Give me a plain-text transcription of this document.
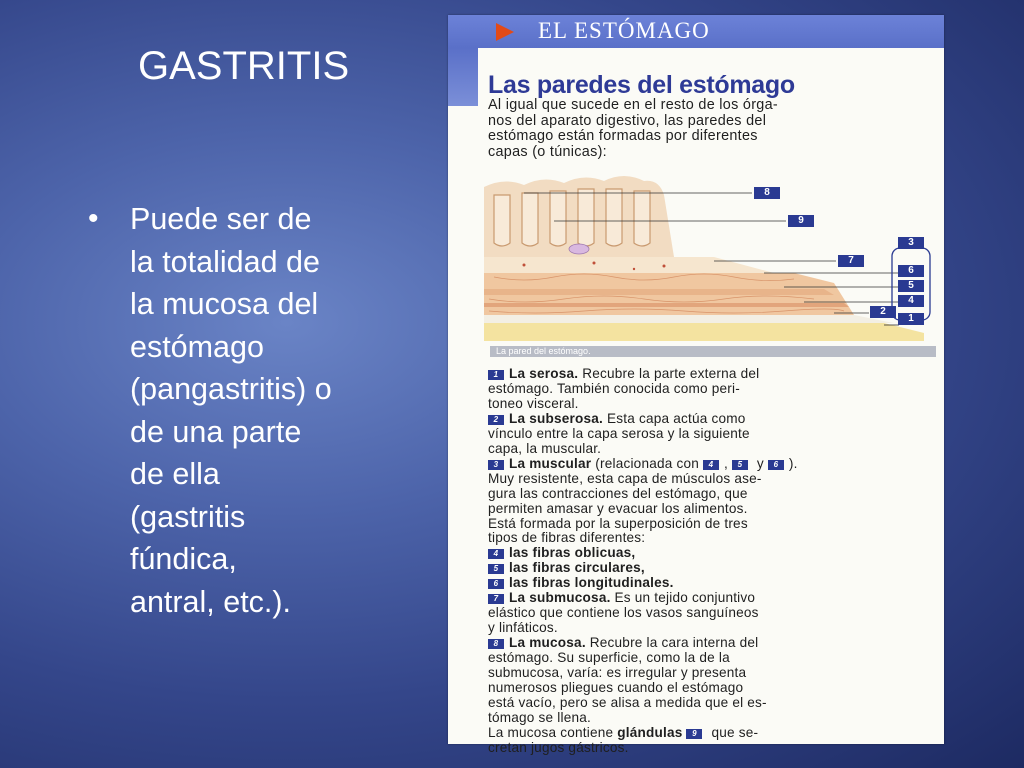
GASTRITIS
• Puede ser de
la totalidad de
la mucosa del
estómago
(pangastritis) o
de una parte
de ella
(gastritis
fúndica,
antral, etc.).
EL ESTÓMAGO
Las paredes del estómago
Al igual que sucede en el resto de los órga-
nos del aparato digestivo, las paredes del
estómago están formadas por diferentes
capas (o túnicas):
8
9
7
3
6
5
4
2
1
La pared del estómago.
1 La serosa. Recubre la parte externa del
estómago. También conocida como peri-
toneo visceral.
2 La subserosa. Esta capa actúa como
vínculo entre la capa serosa y la siguiente
capa, la muscular.
3 La muscular (relacionada con 4 , 5 y 6 ).
Muy resistente, esta capa de músculos ase-
gura las contracciones del estómago, que
permiten amasar y evacuar los alimentos.
Está formada por la superposición de tres
tipos de fibras diferentes:
4 las fibras oblicuas,
5 las fibras circulares,
6 las fibras longitudinales.
7 La submucosa. Es un tejido conjuntivo
elástico que contiene los vasos sanguíneos
y linfáticos.
8 La mucosa. Recubre la cara interna del
estómago. Su superficie, como la de la
submucosa, varía: es irregular y presenta
numerosos pliegues cuando el estómago
está vacío, pero se alisa a medida que el es-
tómago se llena.
La mucosa contiene glándulas 9 que se-
cretan jugos gástricos.
